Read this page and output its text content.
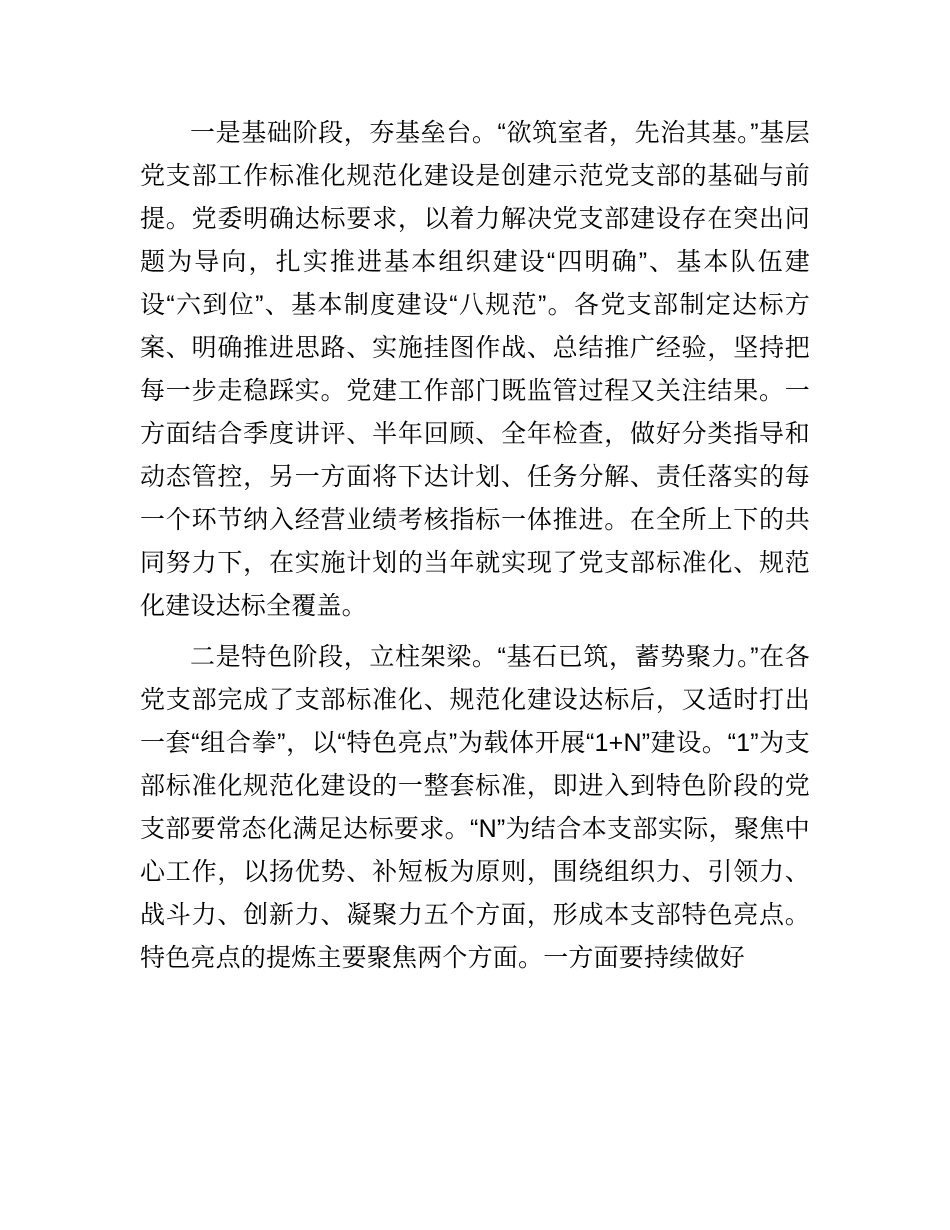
一是基础阶段，夯基垒台。“欲筑室者，先治其基。”基层党支部工作标准化规范化建设是创建示范党支部的基础与前提。党委明确达标要求，以着力解决党支部建设存在突出问题为导向，扎实推进基本组织建设“四明确”、基本队伍建设“六到位”、基本制度建设“八规范”。各党支部制定达标方案、明确推进思路、实施挂图作战、总结推广经验，坚持把每一步走稳踩实。党建工作部门既监管过程又关注结果。一方面结合季度讲评、半年回顾、全年检查，做好分类指导和动态管控，另一方面将下达计划、任务分解、责任落实的每一个环节纳入经营业绩考核指标一体推进。在全所上下的共同努力下，在实施计划的当年就实现了党支部标准化、规范化建设达标全覆盖。

二是特色阶段，立柱架梁。“基石已筑，蓄势聚力。”在各党支部完成了支部标准化、规范化建设达标后，又适时打出一套“组合拳”，以“特色亮点”为载体开展“1+N”建设。“1”为支部标准化规范化建设的一整套标准，即进入到特色阶段的党支部要常态化满足达标要求。“N”为结合本支部实际，聚焦中心工作，以扬优势、补短板为原则，围绕组织力、引领力、战斗力、创新力、凝聚力五个方面，形成本支部特色亮点。特色亮点的提炼主要聚焦两个方面。一方面要持续做好
